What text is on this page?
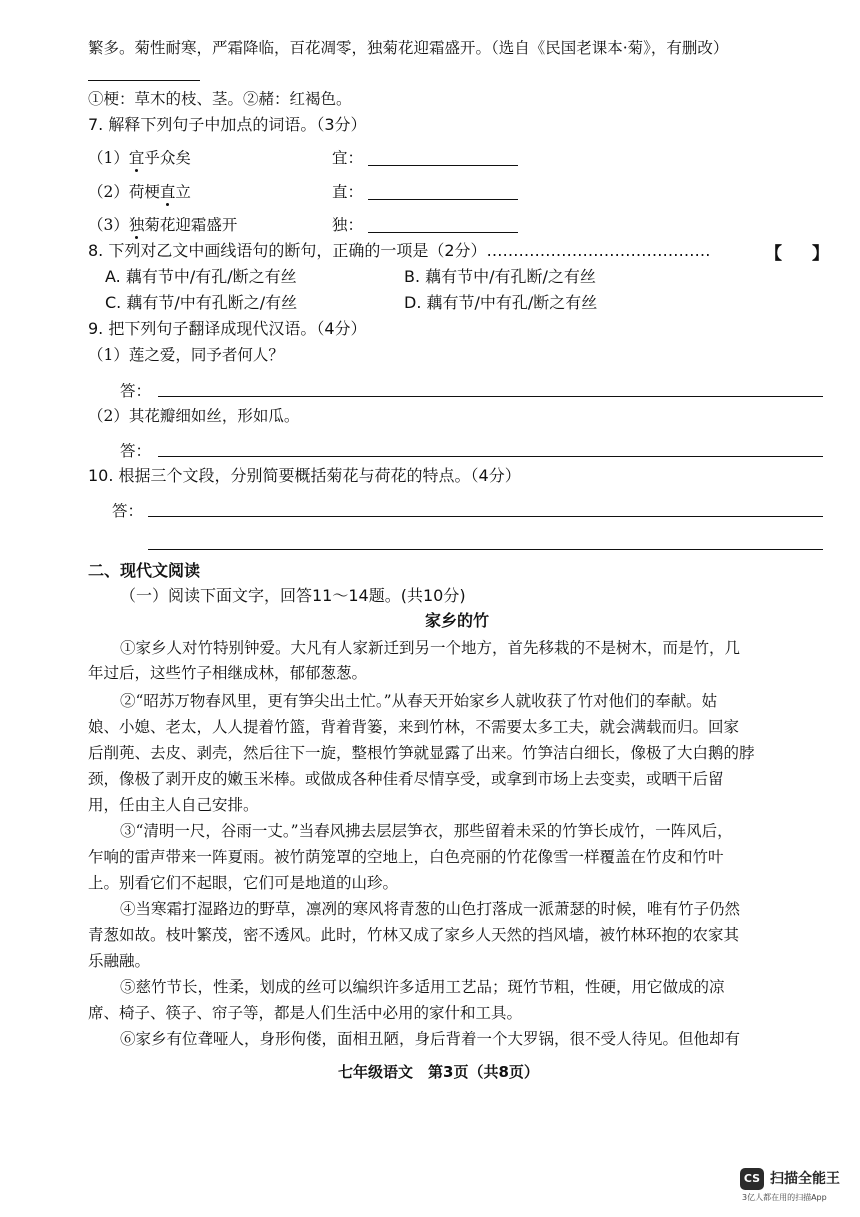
繁多。菊性耐寒，严霜降临，百花凋零，独菊花迎霜盛开。（选自《民国老课本·菊》，有删改）
①梗：草木的枝、茎。②赭：红褐色。
7. 解释下列句子中加点的词语。（3分）
（1）宜乎众矣	宜：
（2）荷梗直立	直：
（3）独菊花迎霜盛开	独：
8. 下列对乙文中画线语句的断句，正确的一项是（2分）……………………………………	【 】
A. 藕有节中/有孔/断之有丝	B. 藕有节中/有孔断/之有丝
C. 藕有节/中有孔断之/有丝	D. 藕有节/中有孔/断之有丝
9. 把下列句子翻译成现代汉语。（4分）
（1）莲之爱，同予者何人？
答：
（2）其花瓣细如丝，形如瓜。
答：
10. 根据三个文段，分别简要概括菊花与荷花的特点。（4分）
答：
二、现代文阅读
（一）阅读下面文字，回答11～14题。(共10分)
家乡的竹
①家乡人对竹特别钟爱。大凡有人家新迁到另一个地方，首先移栽的不是树木，而是竹，几
年过后，这些竹子相继成林，郁郁葱葱。
②“昭苏万物春风里，更有笋尖出土忙。”从春天开始家乡人就收获了竹对他们的奉献。姑
娘、小媳、老太，人人提着竹篮，背着背篓，来到竹林，不需要太多工夫，就会满载而归。回家
后削蔸、去皮、剥壳，然后往下一旋，整根竹笋就显露了出来。竹笋洁白细长，像极了大白鹅的脖
颈，像极了剥开皮的嫩玉米棒。或做成各种佳肴尽情享受，或拿到市场上去变卖，或晒干后留
用，任由主人自己安排。
③“清明一尺，谷雨一丈。”当春风拂去层层笋衣，那些留着未采的竹笋长成竹，一阵风后，
乍响的雷声带来一阵夏雨。被竹荫笼罩的空地上，白色亮丽的竹花像雪一样覆盖在竹皮和竹叶
上。别看它们不起眼，它们可是地道的山珍。
④当寒霜打湿路边的野草，凛冽的寒风将青葱的山色打落成一派萧瑟的时候，唯有竹子仍然
青葱如故。枝叶繁茂，密不透风。此时，竹林又成了家乡人天然的挡风墙，被竹林环抱的农家其
乐融融。
⑤慈竹节长，性柔，划成的丝可以编织许多适用工艺品；斑竹节粗，性硬，用它做成的凉
席、椅子、筷子、帘子等，都是人们生活中必用的家什和工具。
⑥家乡有位聋哑人，身形佝偻，面相丑陋，身后背着一个大罗锅，很不受人待见。但他却有
七年级语文　第3页（共8页）
CS 扫描全能王
3亿人都在用的扫描App
